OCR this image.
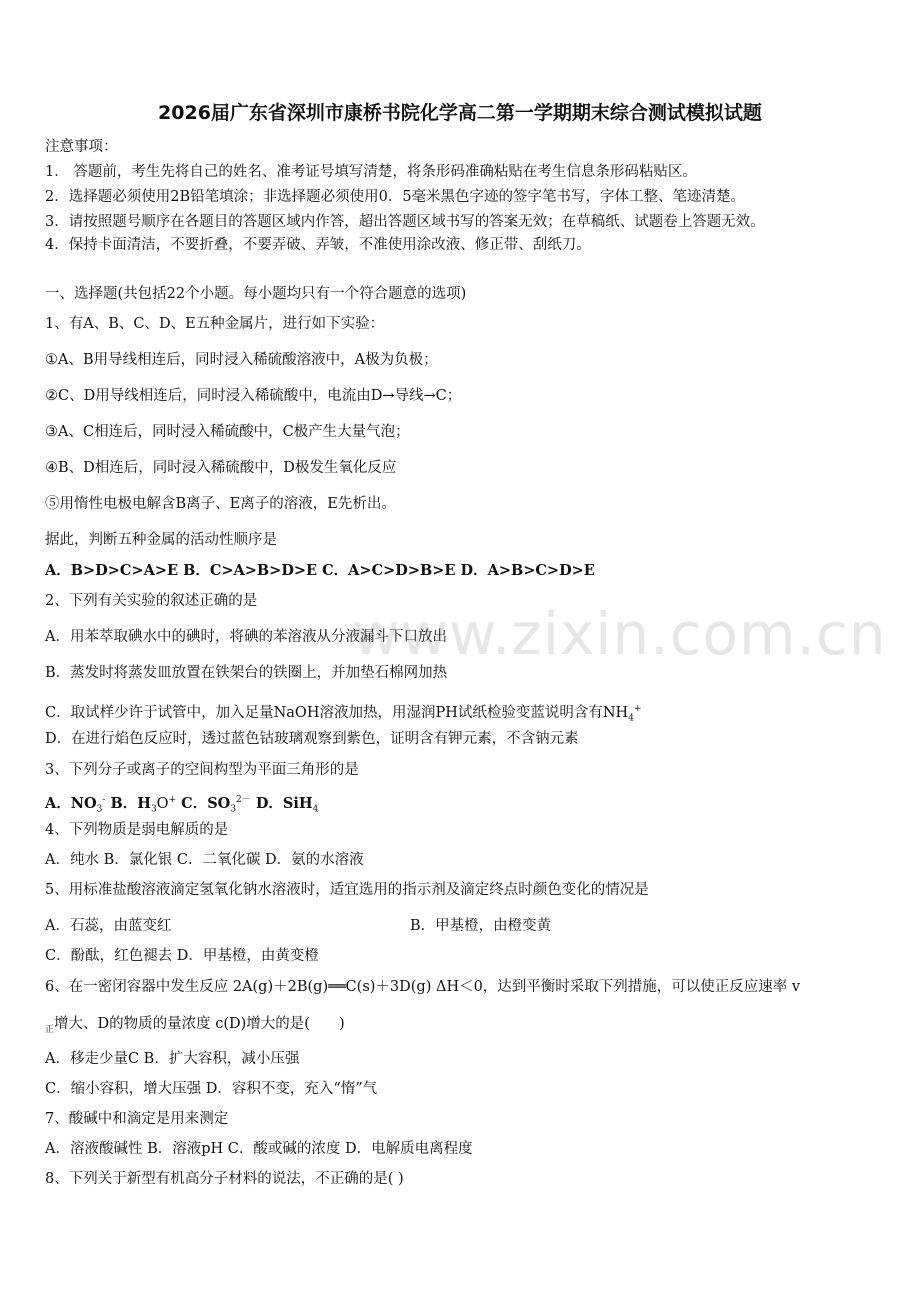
www.zixin.com.cn
2026届广东省深圳市康桥书院化学高二第一学期期末综合测试模拟试题
注意事项：
1． 答题前，考生先将自己的姓名、准考证号填写清楚，将条形码准确粘贴在考生信息条形码粘贴区。
2．选择题必须使用2B铅笔填涂；非选择题必须使用0．5毫米黑色字迹的签字笔书写，字体工整、笔迹清楚。
3．请按照题号顺序在各题目的答题区域内作答，超出答题区域书写的答案无效；在草稿纸、试题卷上答题无效。
4．保持卡面清洁，不要折叠，不要弄破、弄皱，不准使用涂改液、修正带、刮纸刀。
一、选择题(共包括22个小题。每小题均只有一个符合题意的选项)
1、有A、B、C、D、E五种金属片，进行如下实验：
①A、B用导线相连后，同时浸入稀硫酸溶液中，A极为负极；
②C、D用导线相连后，同时浸入稀硫酸中，电流由D→导线→C；
③A、C相连后，同时浸入稀硫酸中，C极产生大量气泡；
④B、D相连后，同时浸入稀硫酸中，D极发生氧化反应
⑤用惰性电极电解含B离子、E离子的溶液，E先析出。
据此，判断五种金属的活动性顺序是
A．B>D>C>A>E B．C>A>B>D>E C．A>C>D>B>E D．A>B>C>D>E
2、下列有关实验的叙述正确的是
A．用苯萃取碘水中的碘时，将碘的苯溶液从分液漏斗下口放出
B．蒸发时将蒸发皿放置在铁架台的铁圈上，并加垫石棉网加热
C．取试样少许于试管中，加入足量NaOH溶液加热，用湿润PH试纸检验变蓝说明含有$NH_4^+$
D．在进行焰色反应时，透过蓝色钴玻璃观察到紫色，证明含有钾元素，不含钠元素
3、下列分子或离子的空间构型为平面三角形的是
A．$NO_3^-$ B．$H_3O^+$ C．$SO_3^{2-}$ D．SiH$_4$
4、下列物质是弱电解质的是
A．纯水 B．氯化银 C．二氧化碳 D．氨的水溶液
5、用标准盐酸溶液滴定氢氧化钠水溶液时，适宜选用的指示剂及滴定终点时颜色变化的情况是
A．石蕊，由蓝变红	B．甲基橙，由橙变黄
C．酚酞，红色褪去 D．甲基橙，由黄变橙
6、在一密闭容器中发生反应 2A(g)＋2B(g)══C(s)＋3D(g) ΔH＜0，达到平衡时采取下列措施，可以使正反应速率 v
$_正$增大、D的物质的量浓度 c(D)增大的是(　　)
A．移走少量C B．扩大容积，减小压强
C．缩小容积，增大压强 D．容积不变，充入“惰”气
7、酸碱中和滴定是用来测定
A．溶液酸碱性 B．溶液pH C．酸或碱的浓度 D．电解质电离程度
8、下列关于新型有机高分子材料的说法，不正确的是( )
